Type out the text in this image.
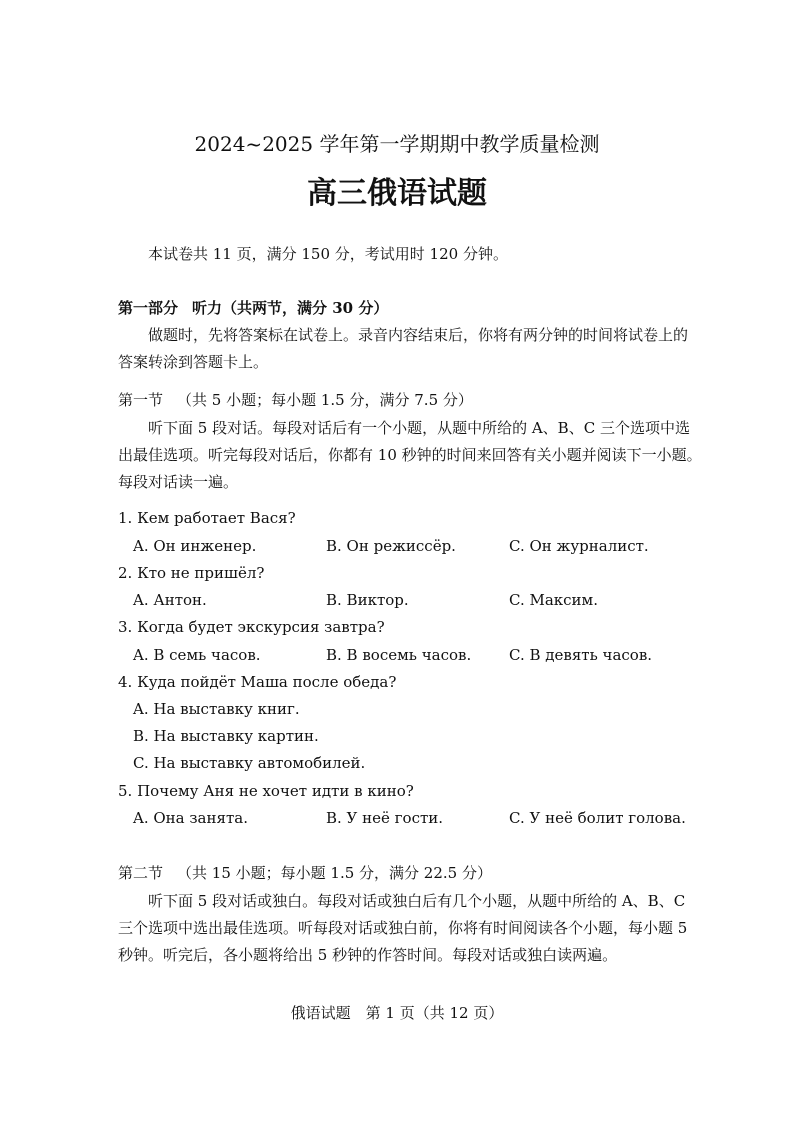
2024~2025 学年第一学期期中教学质量检测
高三俄语试题
本试卷共 11 页，满分 150 分，考试用时 120 分钟。
第一部分 听力（共两节，满分 30 分）
做题时，先将答案标在试卷上。录音内容结束后，你将有两分钟的时间将试卷上的
答案转涂到答题卡上。
第一节 （共 5 小题；每小题 1.5 分，满分 7.5 分）
听下面 5 段对话。每段对话后有一个小题，从题中所给的 A、B、C 三个选项中选
出最佳选项。听完每段对话后，你都有 10 秒钟的时间来回答有关小题并阅读下一小题。
每段对话读一遍。
1. Кем работает Вася?
A. Он инженер.	B. Он режиссёр.	C. Он журналист.
2. Кто не пришёл?
A. Антон.	B. Виктор.	C. Максим.
3. Когда будет экскурсия завтра?
A. В семь часов.	B. В восемь часов.	C. В девять часов.
4. Куда пойдёт Маша после обеда?
A. На выставку книг.
B. На выставку картин.
C. На выставку автомобилей.
5. Почему Аня не хочет идти в кино?
A. Она занята.	B. У неё гости.	C. У неё болит голова.
第二节 （共 15 小题；每小题 1.5 分，满分 22.5 分）
听下面 5 段对话或独白。每段对话或独白后有几个小题，从题中所给的 A、B、C
三个选项中选出最佳选项。听每段对话或独白前，你将有时间阅读各个小题，每小题 5
秒钟。听完后，各小题将给出 5 秒钟的作答时间。每段对话或独白读两遍。
俄语试题　第 1 页（共 12 页）
